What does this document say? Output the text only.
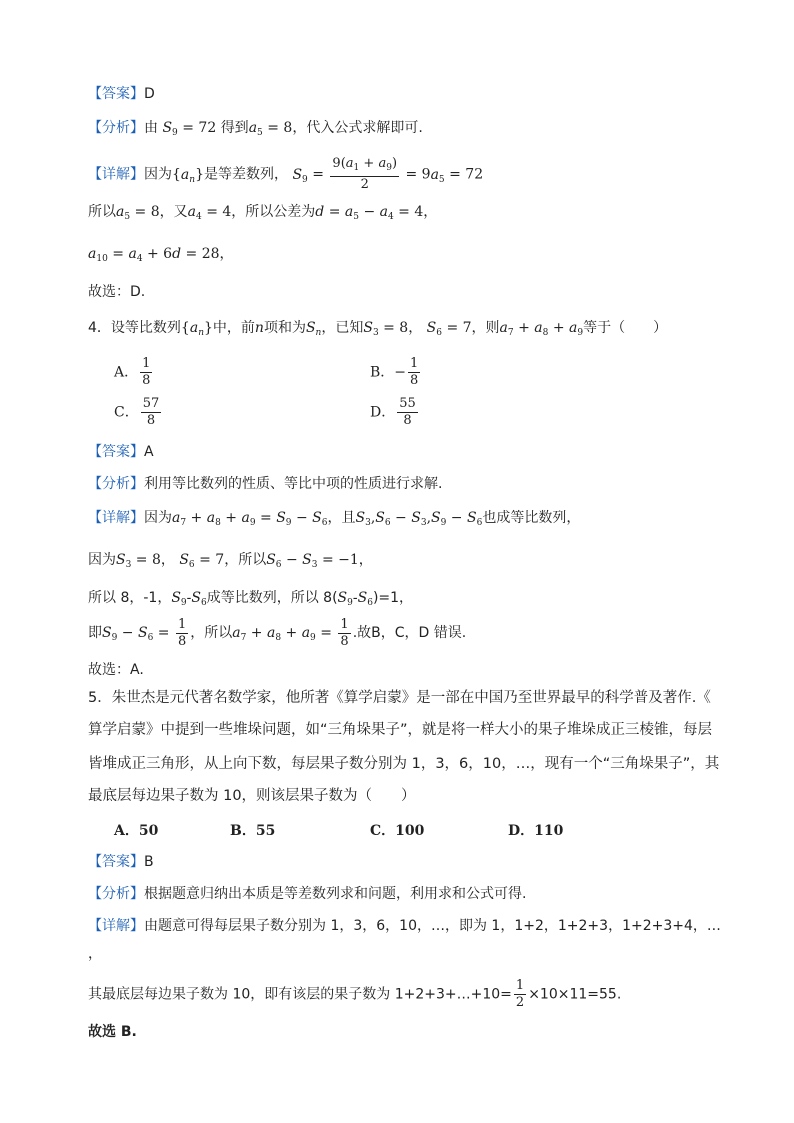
【答案】D
【分析】由 $S_9 = 72$ 得到$a_5 = 8$，代入公式求解即可.
【详解】因为$\{a_n\}$是等差数列， $S_9 = \frac{9(a_1 + a_9)}{2} = 9a_5 = 72$
所以$a_5 = 8$，又$a_4 = 4$，所以公差为$d = a_5 - a_4 = 4$，
$a_{10} = a_4 + 6d = 28$，
故选：D.
4．设等比数列$\{a_n\}$中，前n项和为$S_n$，已知$S_3 = 8$， $S_6 = 7$，则$a_7 + a_8 + a_9$等于（　　）
A． $\frac{1}{8}$	B．− $\frac{1}{8}$
C． $\frac{57}{8}$	D． $\frac{55}{8}$
【答案】A
【分析】利用等比数列的性质、等比中项的性质进行求解.
【详解】因为$a_7 + a_8 + a_9 = S_9 - S_6$，且$S_3,S_6 - S_3,S_9 - S_6$也成等比数列，
因为$S_3 = 8$， $S_6 = 7$，所以$S_6 - S_3 = -1$，
所以 8，-1，$S_9-S_6$成等比数列，所以 $8(S_9-S_6)=1$，
即$S_9 - S_6 = \frac{1}{8}$ ，所以$a_7 + a_8 + a_9 = \frac{1}{8}$ .故B，C，D 错误.
故选：A.
5．朱世杰是元代著名数学家，他所著《算学启蒙》是一部在中国乃至世界最早的科学普及著作.《
算学启蒙》中提到一些堆垛问题，如“三角垛果子”，就是将一样大小的果子堆垛成正三棱锥，每层
皆堆成正三角形，从上向下数，每层果子数分别为 1，3，6，10，…，现有一个“三角垛果子”，其
最底层每边果子数为 10，则该层果子数为（　　）
A．50	B．55	C．100	D．110
【答案】B
【分析】根据题意归纳出本质是等差数列求和问题，利用求和公式可得.
【详解】由题意可得每层果子数分别为 1，3，6，10，…，即为 1，1+2，1+2+3，1+2+3+4，…
，
其最底层每边果子数为 10，即有该层的果子数为 1+2+3+…+10= $\frac{1}{2} \times 10\times 11=55$.
故选 B.
